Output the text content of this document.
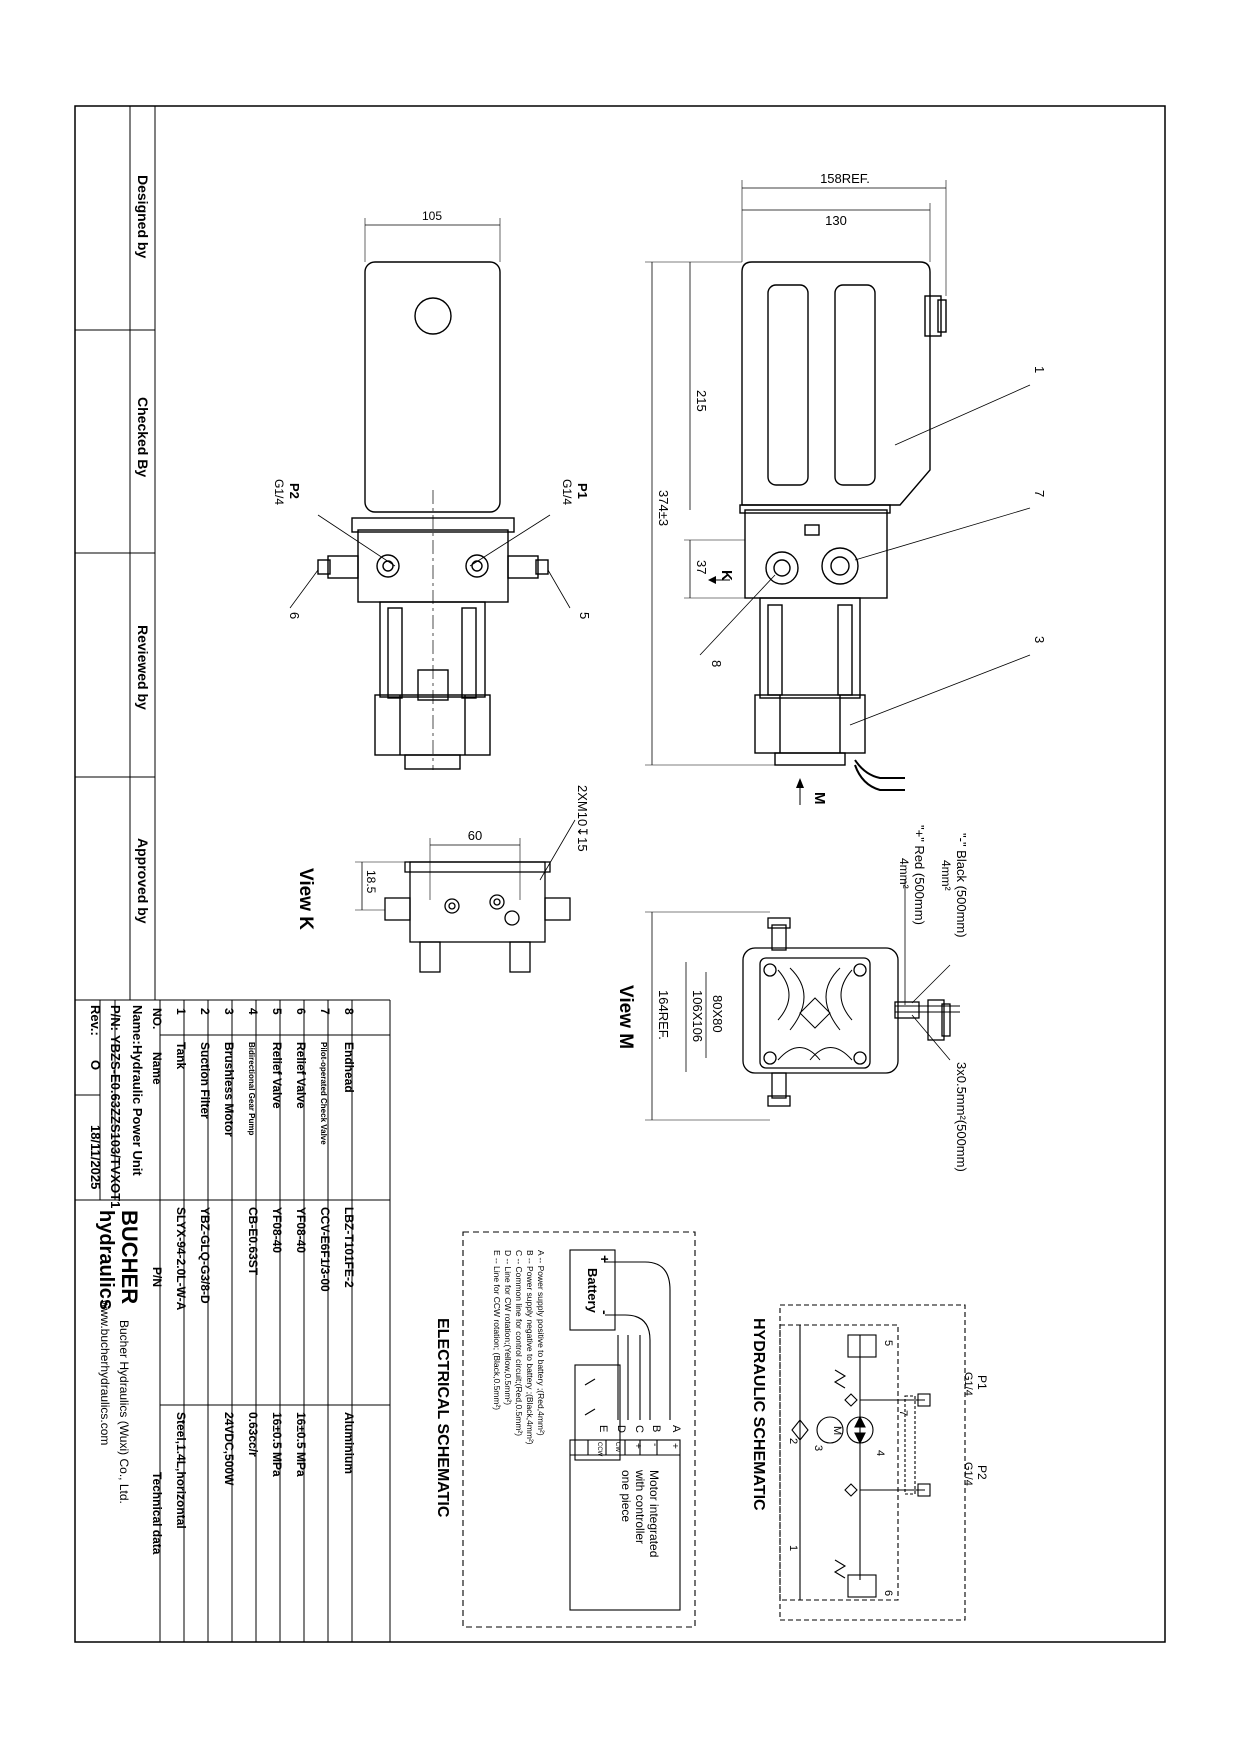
Designed by
Checked By
Reviewed by
Approved by
8
Endhead
LBZ-T101FE-2
Aluminium
7
Pilot-operated Check Valve
CCV-E6F1/3-00
6
Relief Valve
YF08-40
16±0.5 MPa
5
Relief Valve
YF08-40
16±0.5 MPa
4
Bidirectional Gear Pump
CB-E0.63ST
0.63cc/r
3
Brushless Motor
24VDC,500W
2
Suction Filter
YBZ-GLQ-G3/8-D
1
Tank
SLYX-94-2.0L-W-A
Steel,1.4L,horizontal
NO.
Name
P/N
Technical data
Name:
Hydraulic Power Unit
P/N:
YBZS-E0.63ZZS103/TVXOT1
Rev.:
O
18/11/2025
BUCHER
hydraulics
Bucher Hydraulics (Wuxi) Co., Ltd.
www.bucherhydraulics.com
105
P2
G1/4	P1
G1/4
5
6
158REF.
130
215
374±3
37
K
M
1
7
3
8
View K
60
18.5
2XM10↧15
View M 164REF. 106X106 80X80
"-" Black (500mm)
4mm²
"+" Red (500mm)
4mm²
3x0.5mm²(500mm)
HYDRAULIC SCHEMATIC	P1
G1/4
P2
G1/4
5
7
2
M
3
4
6
1
ELECTRICAL SCHEMATIC
Battery
+
-
A
B
C
D
E
+
-
+
CW
CCW
Motor integrated
with controller
one piece
A -- Power supply positive to battery ;(Red,4mm²)
B -- Power supply negative to battery ;(Black,4mm²)
C -- Common line for control circuit;(Red,0.5mm²)
D -- Line for CW rotation;(Yellow,0.5mm²)
E -- Line for CCW rotation; (Black,0.5mm²)
